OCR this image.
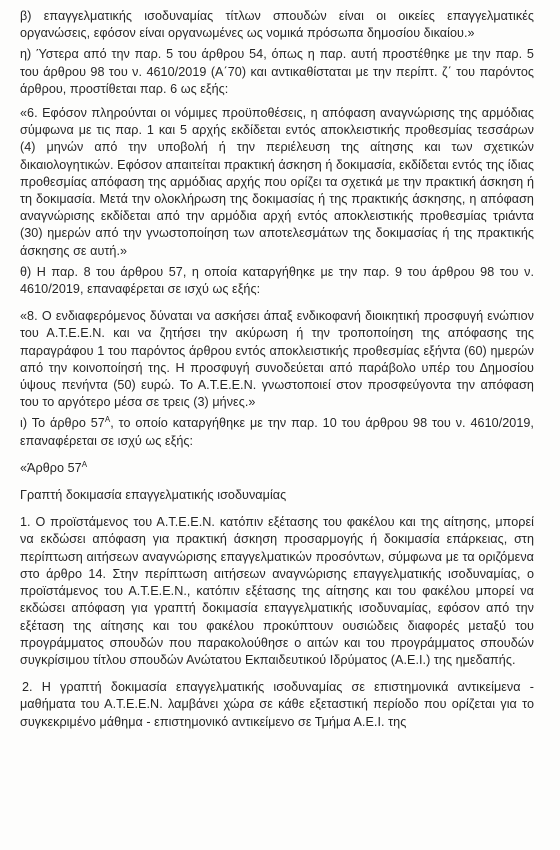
β) επαγγελματικής ισοδυναμίας τίτλων σπουδών είναι οι οικείες επαγγελματικές οργανώσεις, εφόσον είναι οργανωμένες ως νομικά πρόσωπα δημοσίου δικαίου.»

η) Ύστερα από την παρ. 5 του άρθρου 54, όπως η παρ. αυτή προστέθηκε με την παρ. 5 του άρθρου 98 του ν. 4610/2019 (Α΄70) και αντικαθίσταται με την περίπτ. ζ΄ του παρόντος άρθρου, προστίθεται παρ. 6 ως εξής:

«6. Εφόσον πληρούνται οι νόμιμες προϋποθέσεις, η απόφαση αναγνώρισης της αρμόδιας σύμφωνα με τις παρ. 1 και 5 αρχής εκδίδεται εντός αποκλειστικής προθεσμίας τεσσάρων (4) μηνών από την υποβολή ή την περιέλευση της αίτησης και των σχετικών δικαιολογητικών. Εφόσον απαιτείται πρακτική άσκηση ή δοκιμασία, εκδίδεται εντός της ίδιας προθεσμίας απόφαση της αρμόδιας αρχής που ορίζει τα σχετικά με την πρακτική άσκηση ή τη δοκιμασία. Μετά την ολοκλήρωση της δοκιμασίας ή της πρακτικής άσκησης, η απόφαση αναγνώρισης εκδίδεται από την αρμόδια αρχή εντός αποκλειστικής προθεσμίας τριάντα (30) ημερών από την γνωστοποίηση των αποτελεσμάτων της δοκιμασίας ή της πρακτικής άσκησης σε αυτή.»

θ) Η παρ. 8 του άρθρου 57, η οποία καταργήθηκε με την παρ. 9 του άρθρου 98 του ν. 4610/2019, επαναφέρεται σε ισχύ ως εξής:

«8. Ο ενδιαφερόμενος δύναται να ασκήσει άπαξ ενδικοφανή διοικητική προσφυγή ενώπιον του Α.Τ.Ε.Ε.Ν. και να ζητήσει την ακύρωση ή την τροποποίηση της απόφασης της παραγράφου 1 του παρόντος άρθρου εντός αποκλειστικής προθεσμίας εξήντα (60) ημερών από την κοινοποίησή της. Η προσφυγή συνοδεύεται από παράβολο υπέρ του Δημοσίου ύψους πενήντα (50) ευρώ. Το Α.Τ.Ε.Ε.Ν. γνωστοποιεί στον προσφεύγοντα την απόφαση του το αργότερο μέσα σε τρεις (3) μήνες.»

ι) Το άρθρο $57^A$, το οποίο καταργήθηκε με την παρ. 10 του άρθρου 98 του ν. 4610/2019, επαναφέρεται σε ισχύ ως εξής:

«Άρθρο $57^A$

Γραπτή δοκιμασία επαγγελματικής ισοδυναμίας

1. Ο προϊστάμενος του Α.Τ.Ε.Ε.Ν. κατόπιν εξέτασης του φακέλου και της αίτησης, μπορεί να εκδώσει απόφαση για πρακτική άσκηση προσαρμογής ή δοκιμασία επάρκειας, στη περίπτωση αιτήσεων αναγνώρισης επαγγελματικών προσόντων, σύμφωνα με τα οριζόμενα στο άρθρο 14. Στην περίπτωση αιτήσεων αναγνώρισης επαγγελματικής ισοδυναμίας, ο προϊστάμενος του Α.Τ.Ε.Ε.Ν., κατόπιν εξέτασης της αίτησης και του φακέλου μπορεί να εκδώσει απόφαση για γραπτή δοκιμασία επαγγελματικής ισοδυναμίας, εφόσον από την εξέταση της αίτησης και του φακέλου προκύπτουν ουσιώδεις διαφορές μεταξύ του προγράμματος σπουδών που παρακολούθησε ο αιτών και του προγράμματος σπουδών συγκρίσιμου τίτλου σπουδών Ανώτατου Εκπαιδευτικού Ιδρύματος (Α.Ε.Ι.) της ημεδαπής.

2. Η γραπτή δοκιμασία επαγγελματικής ισοδυναμίας σε επιστημονικά αντικείμενα - μαθήματα του Α.Τ.Ε.Ε.Ν. λαμβάνει χώρα σε κάθε εξεταστική περίοδο που ορίζεται για το συγκεκριμένο μάθημα - επιστημονικό αντικείμενο σε Τμήμα Α.Ε.Ι. της
